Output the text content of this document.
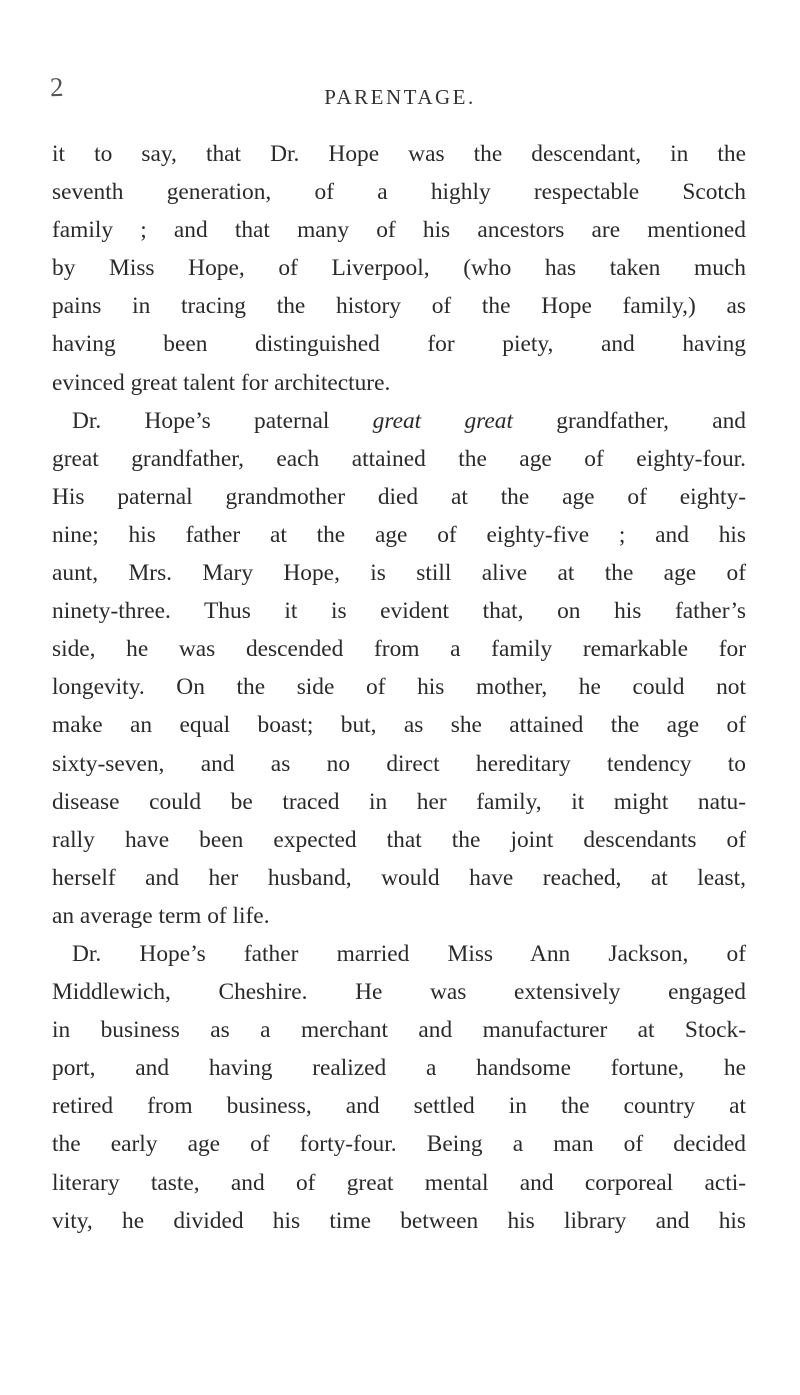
2	PARENTAGE.
it to say, that Dr. Hope was the descendant, in the
seventh generation, of a highly respectable Scotch
family ; and that many of his ancestors are mentioned
by Miss Hope, of Liverpool, (who has taken much
pains in tracing the history of the Hope family,) as
having been distinguished for piety, and having
evinced great talent for architecture.
Dr. Hope’s paternal great great grandfather, and
great grandfather, each attained the age of eighty-four.
His paternal grandmother died at the age of eighty-
nine; his father at the age of eighty-five ; and his
aunt, Mrs. Mary Hope, is still alive at the age of
ninety-three. Thus it is evident that, on his father’s
side, he was descended from a family remarkable for
longevity. On the side of his mother, he could not
make an equal boast; but, as she attained the age of
sixty-seven, and as no direct hereditary tendency to
disease could be traced in her family, it might natu-
rally have been expected that the joint descendants of
herself and her husband, would have reached, at least,
an average term of life.
Dr. Hope’s father married Miss Ann Jackson, of
Middlewich, Cheshire. He was extensively engaged
in business as a merchant and manufacturer at Stock-
port, and having realized a handsome fortune, he
retired from business, and settled in the country at
the early age of forty-four. Being a man of decided
literary taste, and of great mental and corporeal acti-
vity, he divided his time between his library and his
